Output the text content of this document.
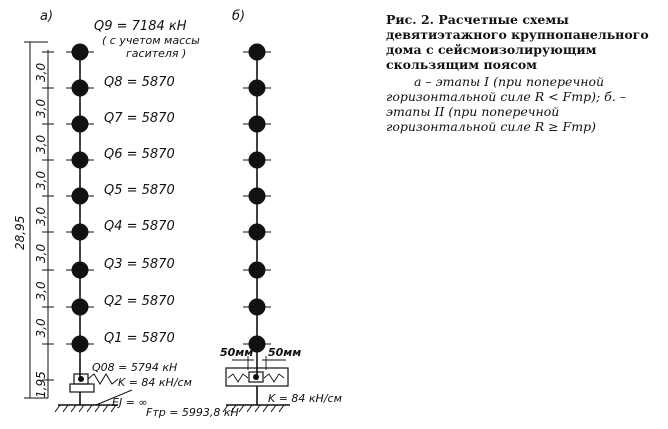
a)	б)
28,95
3,0
3,0
3,0
3,0
3,0
3,0
3,0
3,0
1,95
Q9 = 7184 кН
( с учетом массы
гасителя )
Q8 = 5870
Q7 = 5870
Q6 = 5870
Q5 = 5870
Q4 = 5870
Q3 = 5870
Q2 = 5870
Q1 = 5870
Q08 = 5794 кН
K = 84 кН/см
EJ = ∞
Fтр = 5993,8 кН
50мм 50мм
K = 84 кН/см
Рис. 2. Расчетные схемы девятиэтажного крупнопанельного дома с сейсмоизолирующим скользящим поясом
а – этапы I (при поперечной горизонтальной силе R < Fтр); б. – этапы II (при поперечной горизонтальной силе R ≥ Fтр)
